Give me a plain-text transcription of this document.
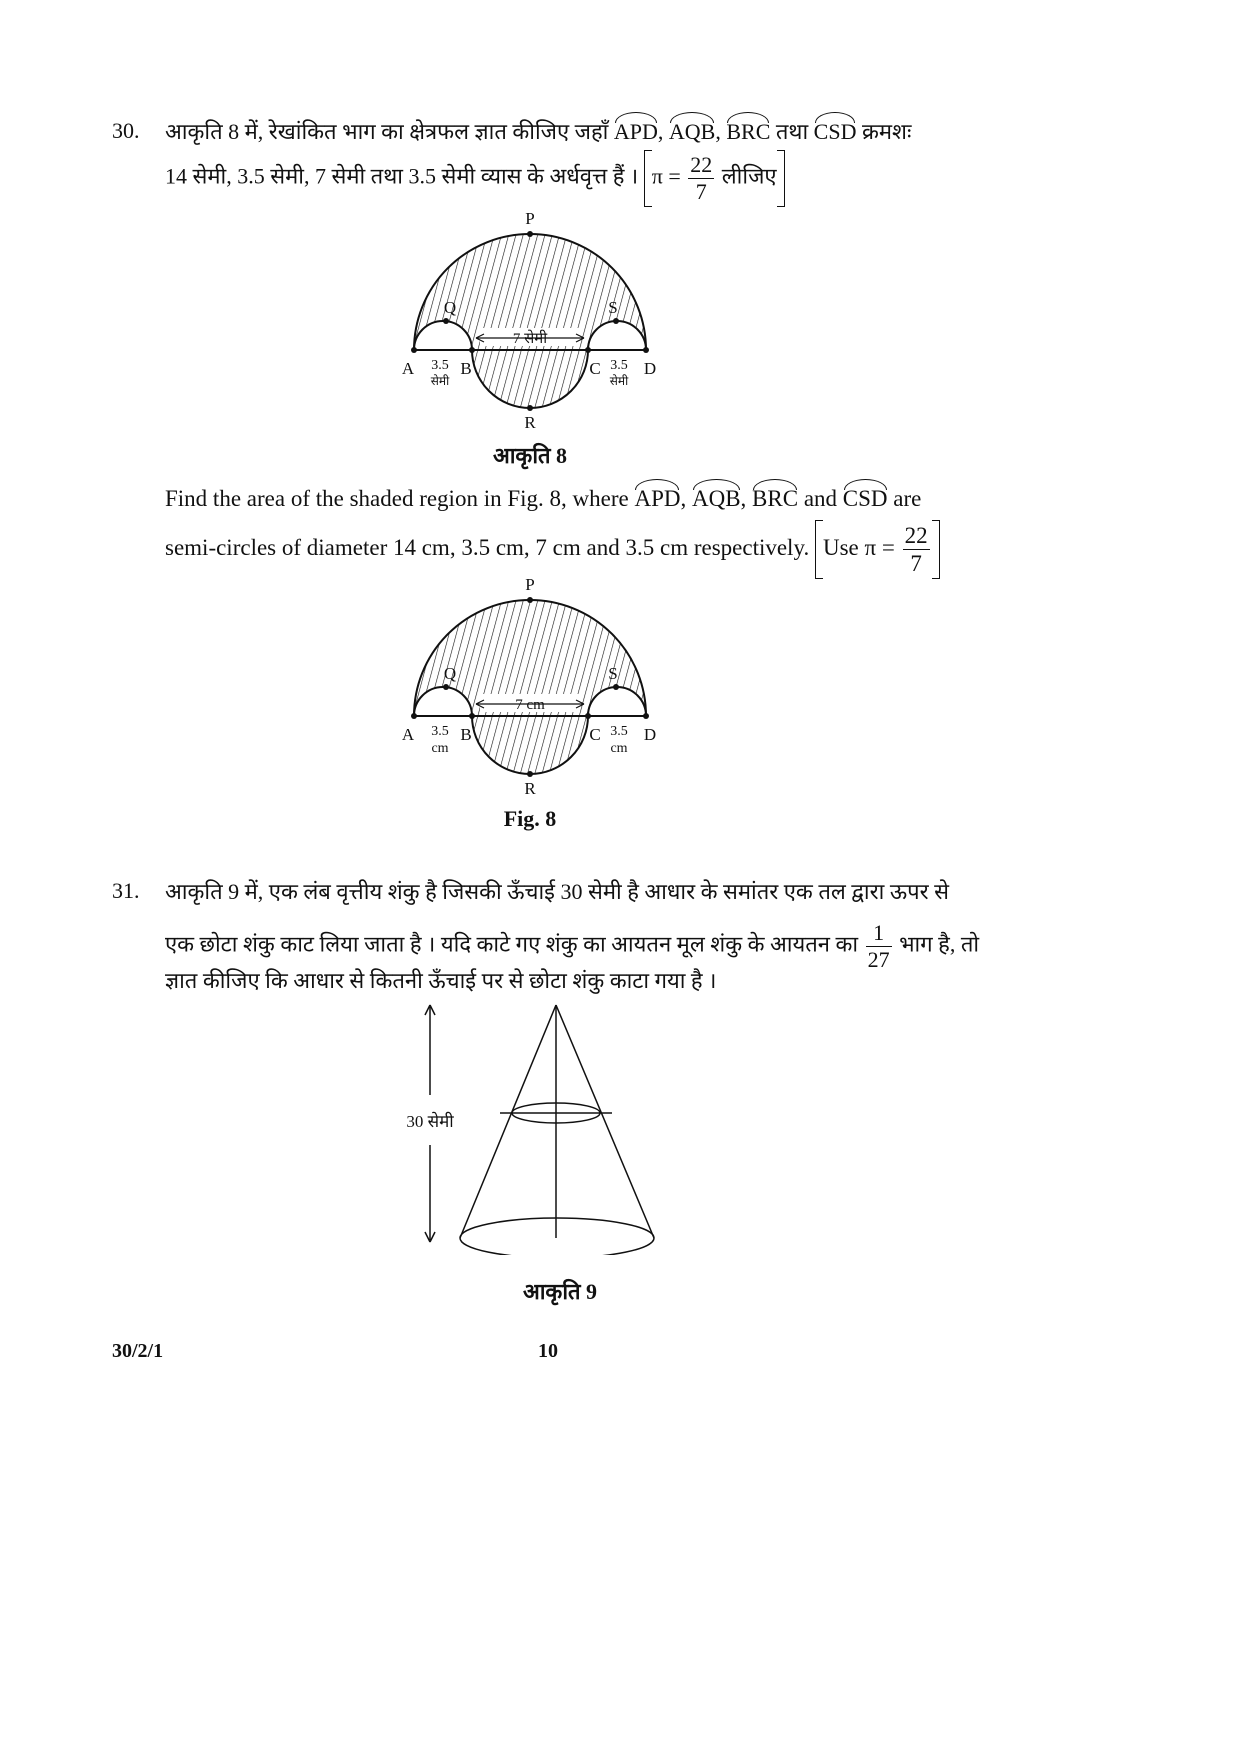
30. आकृति 8 में, रेखांकित भाग का क्षेत्रफल ज्ञात कीजिए जहाँ APD, AQB, BRC तथा CSD क्रमशः
14 सेमी, 3.5 सेमी, 7 सेमी तथा 3.5 सेमी व्यास के अर्धवृत्त हैं । $\pi = \frac{22}{7}$ लीजिए
7 सेमी
P
Q	S
A	B	C	D
R
3.5
सेमी
3.5
सेमी
आकृति 8
Find the area of the shaded region in Fig. 8, where APD, AQB, BRC and CSD are
semi-circles of diameter 14 cm, 3.5 cm, 7 cm and 3.5 cm respectively. Use $\pi = \frac{22}{7}$
7 cm
P
Q	S
A	B	C	D
R
3.5
cm
3.5
cm
Fig. 8
31. आकृति 9 में, एक लंब वृत्तीय शंकु है जिसकी ऊँचाई 30 सेमी है आधार के समांतर एक तल द्वारा ऊपर से
एक छोटा शंकु काट लिया जाता है । यदि काटे गए शंकु का आयतन मूल शंकु के आयतन का $\frac{1}{27}$ भाग है, तो
ज्ञात कीजिए कि आधार से कितनी ऊँचाई पर से छोटा शंकु काटा गया है ।
30 सेमी
आकृति 9
30/2/1	10
